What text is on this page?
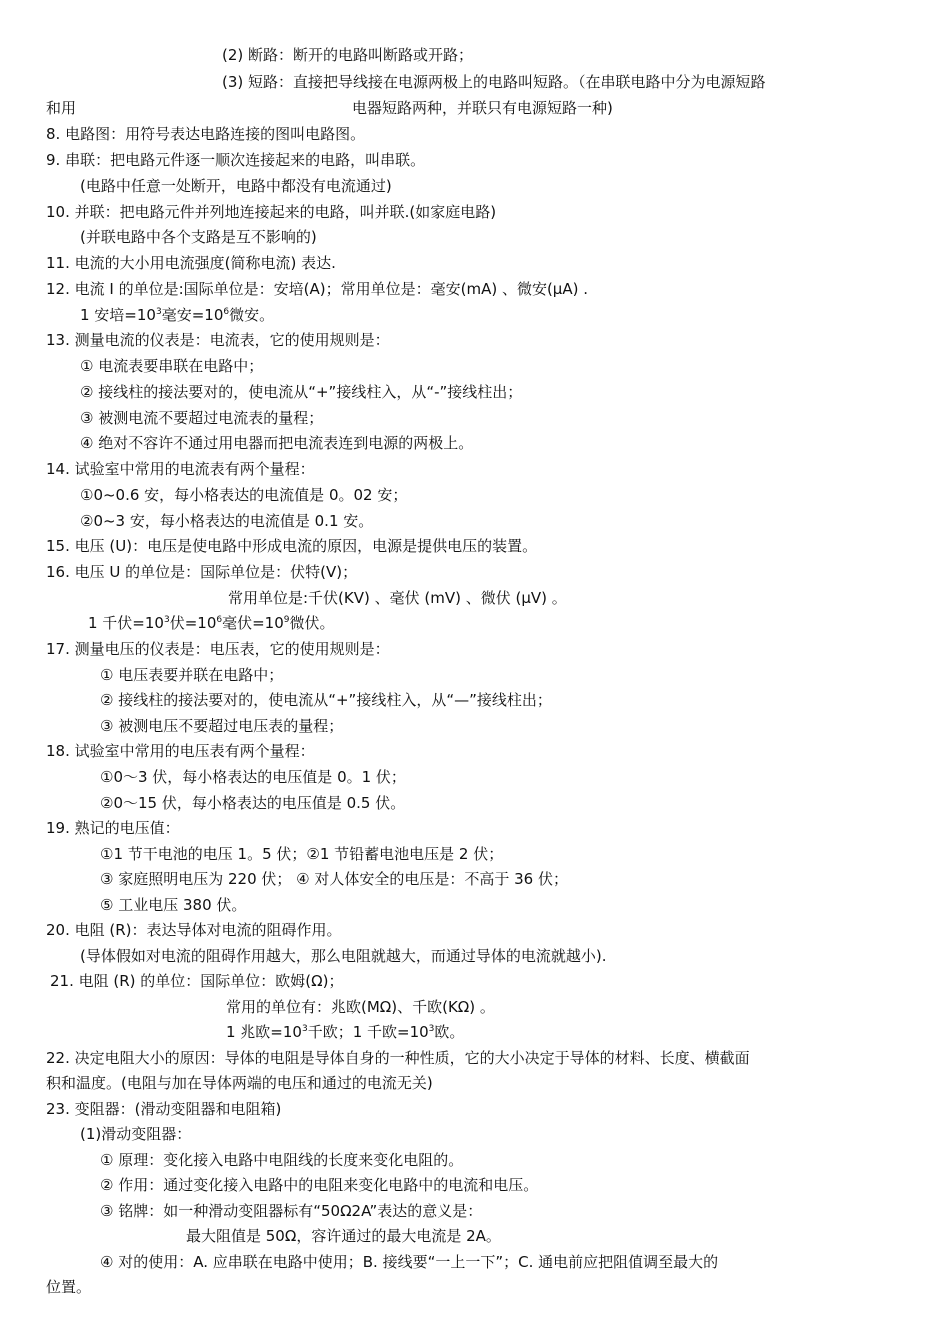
(2) 断路：断开的电路叫断路或开路；
(3) 短路：直接把导线接在电源两极上的电路叫短路。（在串联电路中分为电源短路
和用	电器短路两种，并联只有电源短路一种)
8. 电路图：用符号表达电路连接的图叫电路图。
9. 串联：把电路元件逐一顺次连接起来的电路，叫串联。
(电路中任意一处断开，电路中都没有电流通过)
10. 并联：把电路元件并列地连接起来的电路，叫并联.(如家庭电路)
(并联电路中各个支路是互不影响的)
11. 电流的大小用电流强度(简称电流) 表达.
12. 电流 I 的单位是:国际单位是：安培(A)；常用单位是：毫安(mA) 、微安(μA) .
1 安培$=10^3$毫安$=10^6$微安。
13. 测量电流的仪表是：电流表，它的使用规则是：
① 电流表要串联在电路中；
② 接线柱的接法要对的，使电流从“+”接线柱入，从“-”接线柱出；
③ 被测电流不要超过电流表的量程；
④ 绝对不容许不通过用电器而把电流表连到电源的两极上。
14. 试验室中常用的电流表有两个量程：
①0~0.6 安，每小格表达的电流值是 0。02 安；
②0~3 安，每小格表达的电流值是 0.1 安。
15. 电压 (U)：电压是使电路中形成电流的原因，电源是提供电压的装置。
16. 电压 U 的单位是：国际单位是：伏特(V)；
常用单位是:千伏(KV) 、毫伏 (mV) 、微伏 (μV) 。
1 千伏$=10^3$伏$=10^6$毫伏$=10^9$微伏。
17. 测量电压的仪表是：电压表，它的使用规则是：
① 电压表要并联在电路中；
② 接线柱的接法要对的，使电流从“+”接线柱入，从“—”接线柱出；
③ 被测电压不要超过电压表的量程；
18. 试验室中常用的电压表有两个量程：
①0～3 伏，每小格表达的电压值是 0。1 伏；
②0～15 伏，每小格表达的电压值是 0.5 伏。
19. 熟记的电压值：
①1 节干电池的电压 1。5 伏；②1 节铅蓄电池电压是 2 伏；
③ 家庭照明电压为 220 伏； ④ 对人体安全的电压是：不高于 36 伏；
⑤ 工业电压 380 伏。
20. 电阻 (R)：表达导体对电流的阻碍作用。
(导体假如对电流的阻碍作用越大，那么电阻就越大，而通过导体的电流就越小).
21. 电阻 (R) 的单位：国际单位：欧姆(Ω)；
常用的单位有：兆欧(MΩ)、千欧(KΩ) 。
1 兆欧$=10^3$千欧；1 千欧$=10^3$欧。
22. 决定电阻大小的原因：导体的电阻是导体自身的一种性质，它的大小决定于导体的材料、长度、横截面
积和温度。(电阻与加在导体两端的电压和通过的电流无关)
23. 变阻器：(滑动变阻器和电阻箱)
(1)滑动变阻器：
① 原理：变化接入电路中电阻线的长度来变化电阻的。
② 作用：通过变化接入电路中的电阻来变化电路中的电流和电压。
③ 铭牌：如一种滑动变阻器标有“50Ω2A”表达的意义是：
最大阻值是 50Ω，容许通过的最大电流是 2A。
④ 对的使用：A. 应串联在电路中使用；B. 接线要“一上一下”；C. 通电前应把阻值调至最大的
位置。
